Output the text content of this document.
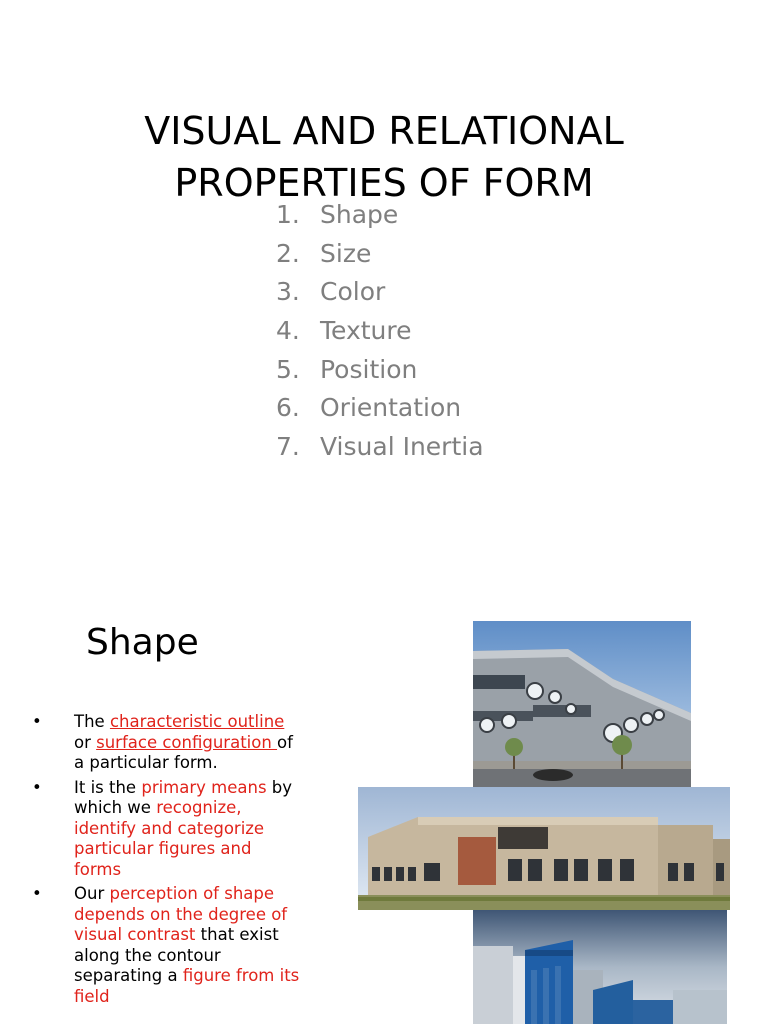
VISUAL AND RELATIONAL
PROPERTIES OF FORM
1. Shape
2. Size
3. Color
4. Texture
5. Position
6. Orientation
7. Visual Inertia
Shape
• The characteristic outline or surface configuration of a particular form.
• It is the primary means by which we recognize, identify and categorize particular figures and forms
• Our perception of shape depends on the degree of visual contrast that exist along the contour separating a figure from its field
